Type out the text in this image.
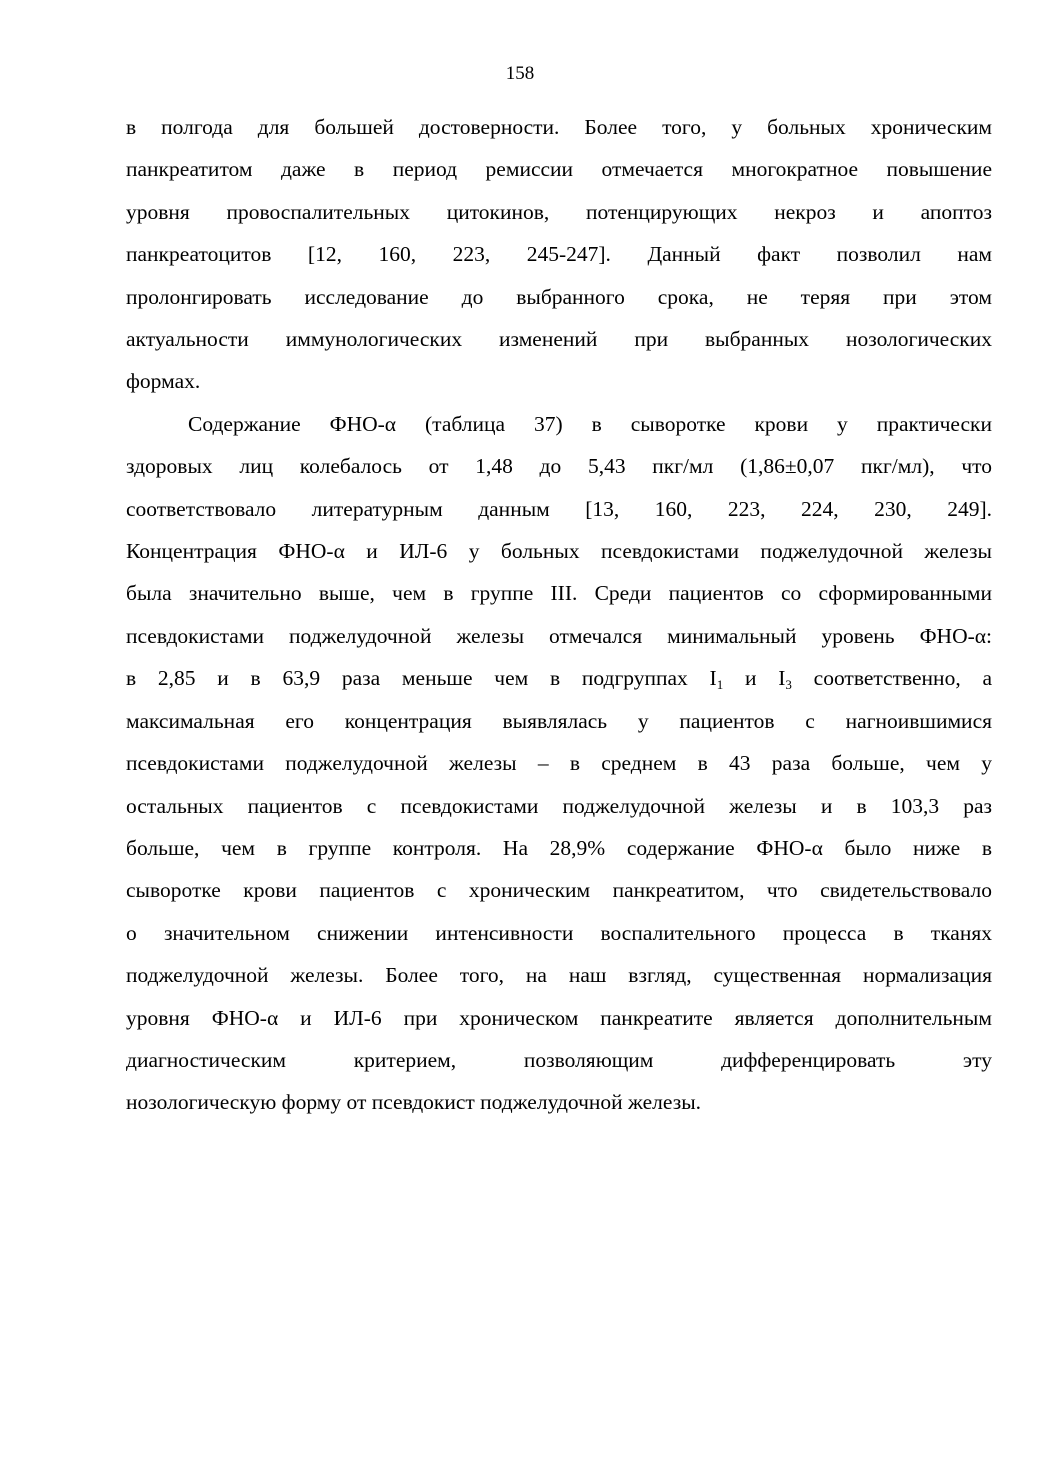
158

в полгода для большей достоверности. Более того, у больных хроническим
панкреатитом даже в период ремиссии отмечается многократное повышение
уровня провоспалительных цитокинов, потенцирующих некроз и апоптоз
панкреатоцитов [12, 160, 223, 245-247]. Данный факт позволил нам
пролонгировать исследование до выбранного срока, не теряя при этом
актуальности иммунологических изменений при выбранных нозологических
формах.

Содержание ФНО-α (таблица 37) в сыворотке крови у практически
здоровых лиц колебалось от 1,48 до 5,43 пкг/мл (1,86±0,07 пкг/мл), что
соответствовало литературным данным [13, 160, 223, 224, 230, 249].
Концентрация ФНО-α и ИЛ-6 у больных псевдокистами поджелудочной железы
была значительно выше, чем в группе III. Среди пациентов со сформированными
псевдокистами поджелудочной железы отмечался минимальный уровень ФНО-α:
в 2,85 и в 63,9 раза меньше чем в подгруппах $I_1$ и $I_3$ соответственно, а
максимальная его концентрация выявлялась у пациентов с нагноившимися
псевдокистами поджелудочной железы – в среднем в 43 раза больше, чем у
остальных пациентов с псевдокистами поджелудочной железы и в 103,3 раз
больше, чем в группе контроля. На 28,9% содержание ФНО-α было ниже в
сыворотке крови пациентов с хроническим панкреатитом, что свидетельствовало
о значительном снижении интенсивности воспалительного процесса в тканях
поджелудочной железы. Более того, на наш взгляд, существенная нормализация
уровня ФНО-α и ИЛ-6 при хроническом панкреатите является дополнительным
диагностическим критерием, позволяющим дифференцировать эту
нозологическую форму от псевдокист поджелудочной железы.
